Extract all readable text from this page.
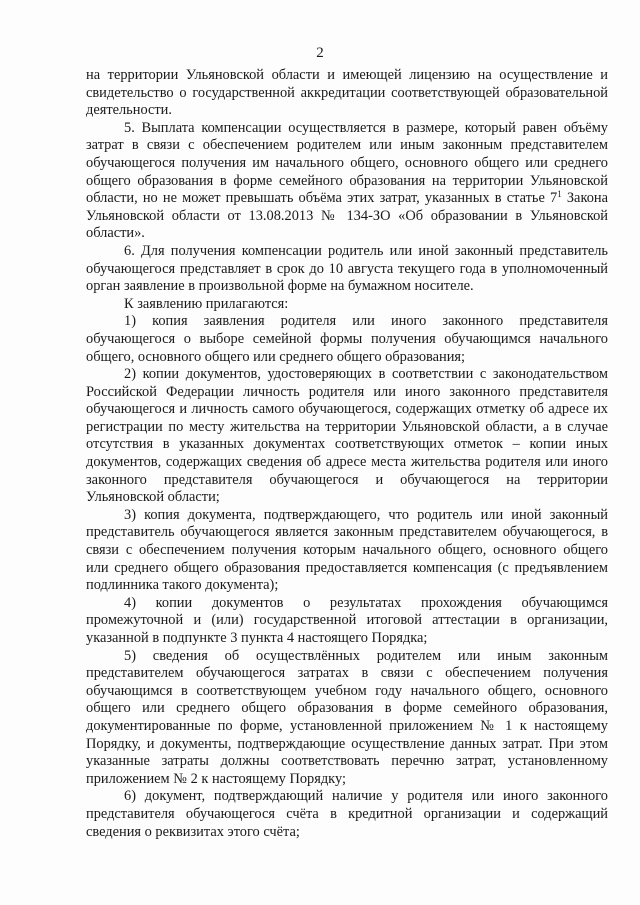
2

на территории Ульяновской области и имеющей лицензию на осуществление и свидетельство о государственной аккредитации соответствующей образовательной деятельности.

5. Выплата компенсации осуществляется в размере, который равен объёму затрат в связи с обеспечением родителем или иным законным представителем обучающегося получения им начального общего, основного общего или среднего общего образования в форме семейного образования на территории Ульяновской области, но не может превышать объёма этих затрат, указанных в статье $7^1$ Закона Ульяновской области от 13.08.2013 № 134-ЗО «Об образовании в Ульяновской области».

6. Для получения компенсации родитель или иной законный представитель обучающегося представляет в срок до 10 августа текущего года в уполномоченный орган заявление в произвольной форме на бумажном носителе.

К заявлению прилагаются:

1) копия заявления родителя или иного законного представителя обучающегося о выборе семейной формы получения обучающимся начального общего, основного общего или среднего общего образования;

2) копии документов, удостоверяющих в соответствии с законодательством Российской Федерации личность родителя или иного законного представителя обучающегося и личность самого обучающегося, содержащих отметку об адресе их регистрации по месту жительства на территории Ульяновской области, а в случае отсутствия в указанных документах соответствующих отметок – копии иных документов, содержащих сведения об адресе места жительства родителя или иного законного представителя обучающегося и обучающегося на территории Ульяновской области;

3) копия документа, подтверждающего, что родитель или иной законный представитель обучающегося является законным представителем обучающегося, в связи с обеспечением получения которым начального общего, основного общего или среднего общего образования предоставляется компенсация (с предъявлением подлинника такого документа);

4) копии документов о результатах прохождения обучающимся промежуточной и (или) государственной итоговой аттестации в организации, указанной в подпункте 3 пункта 4 настоящего Порядка;

5) сведения об осуществлённых родителем или иным законным представителем обучающегося затратах в связи с обеспечением получения обучающимся в соответствующем учебном году начального общего, основного общего или среднего общего образования в форме семейного образования, документированные по форме, установленной приложением № 1 к настоящему Порядку, и документы, подтверждающие осуществление данных затрат. При этом указанные затраты должны соответствовать перечню затрат, установленному приложением № 2 к настоящему Порядку;

6) документ, подтверждающий наличие у родителя или иного законного представителя обучающегося счёта в кредитной организации и содержащий сведения о реквизитах этого счёта;
